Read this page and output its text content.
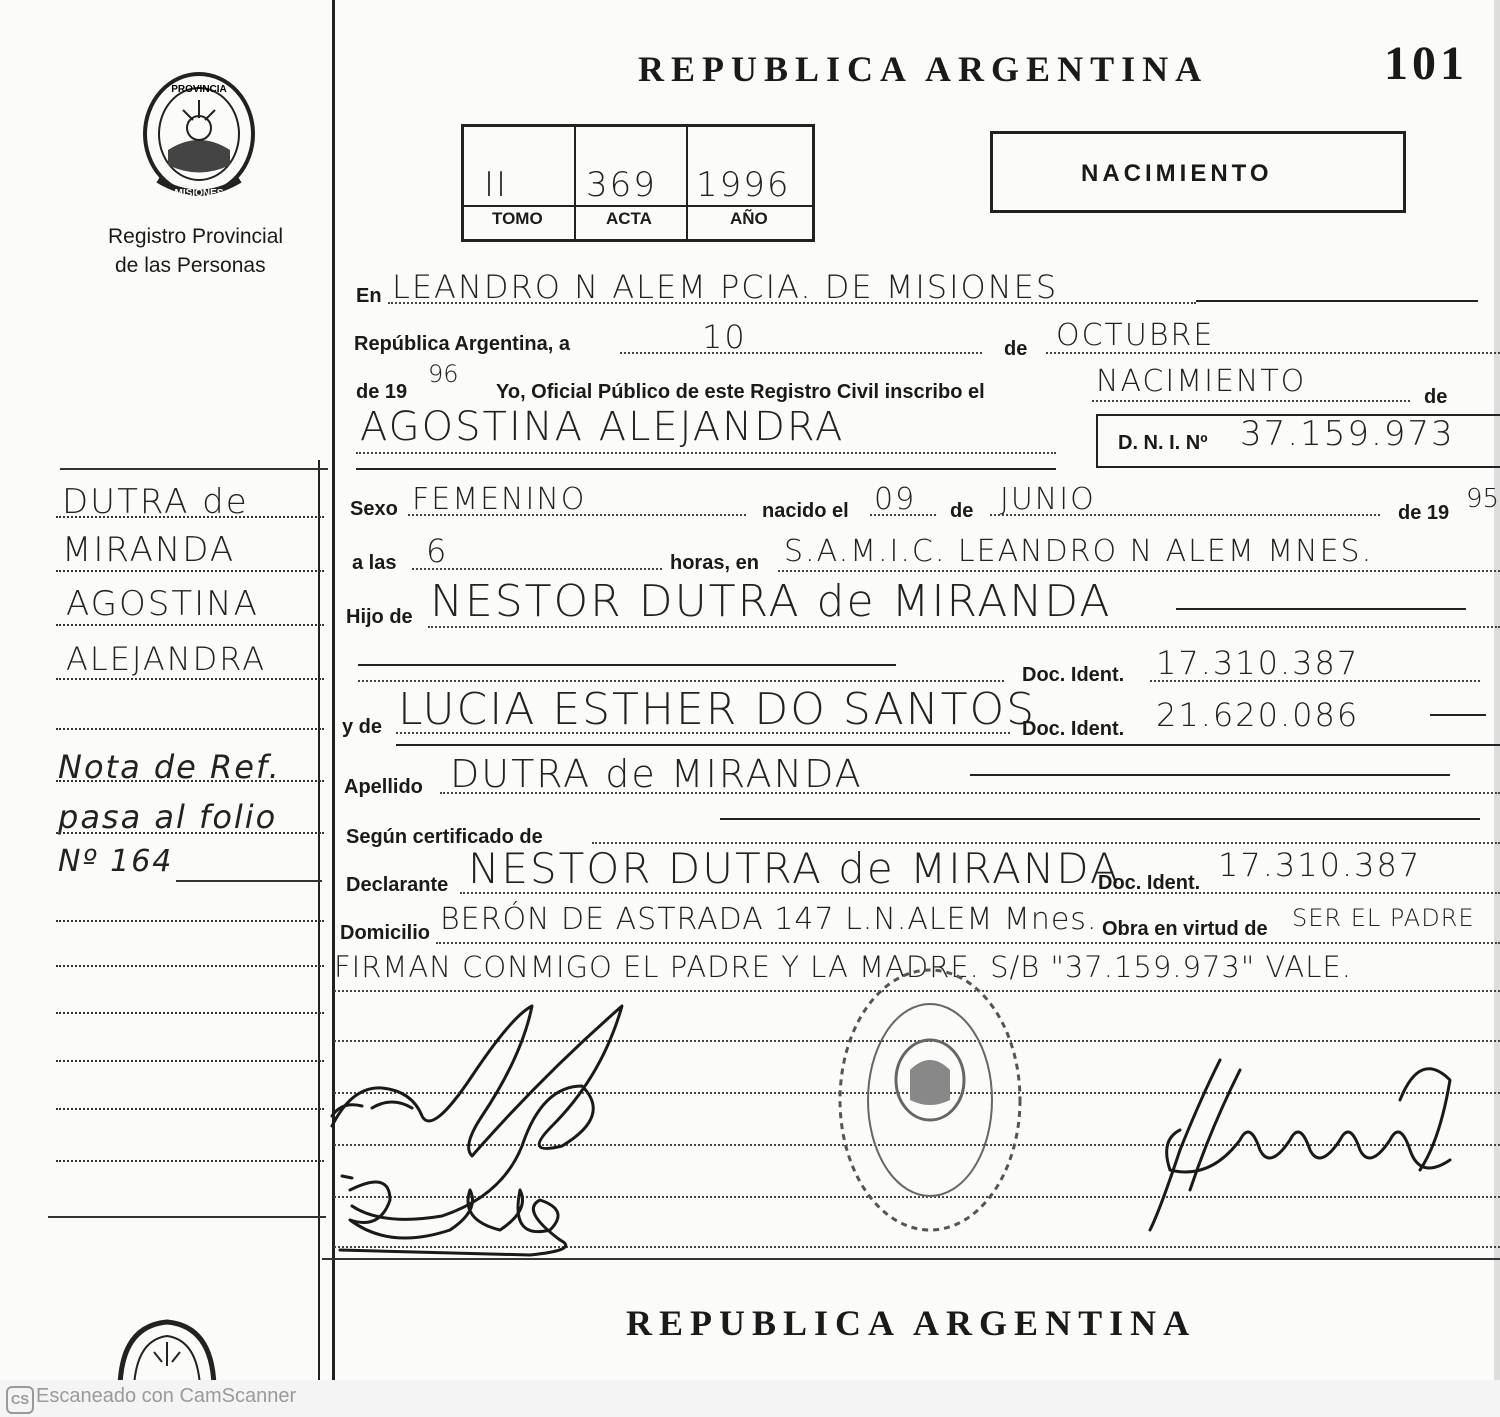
REPUBLICA ARGENTINA	101
PROVINCIA
MISIONES
Registro Provincial
de las Personas
II 369 1996
TOMO	ACTA	AÑO
NACIMIENTO
DUTRA de
MIRANDA
AGOSTINA
ALEJANDRA
Nota de Ref.
pasa al folio
Nº 164
En LEANDRO N ALEM PCIA. DE MISIONES
República Argentina, a	10	de OCTUBRE
de 19
96
Yo, Oficial Público de este Registro Civil inscribo el	NACIMIENTO	de
AGOSTINA ALEJANDRA	D. N. I. Nº 37.159.973
Sexo FEMENINO	nacido el 09 de JUNIO	de 19 95
a las 6	horas, en S.A.M.I.C. LEANDRO N ALEM MNES.
Hijo de NESTOR DUTRA de MIRANDA
Doc. Ident. 17.310.387
y de LUCIA ESTHER DO SANTOS
Doc. Ident. 21.620.086
Apellido DUTRA de MIRANDA
Según certificado de
Declarante NESTOR DUTRA de MIRANDA
Doc. Ident. 17.310.387
Domicilio BERÓN DE ASTRADA 147 L.N.ALEM Mnes. Obra en virtud de SER EL PADRE
FIRMAN CONMIGO EL PADRE Y LA MADRE. S/B "37.159.973" VALE.
REPUBLICA ARGENTINA
CS Escaneado con CamScanner
